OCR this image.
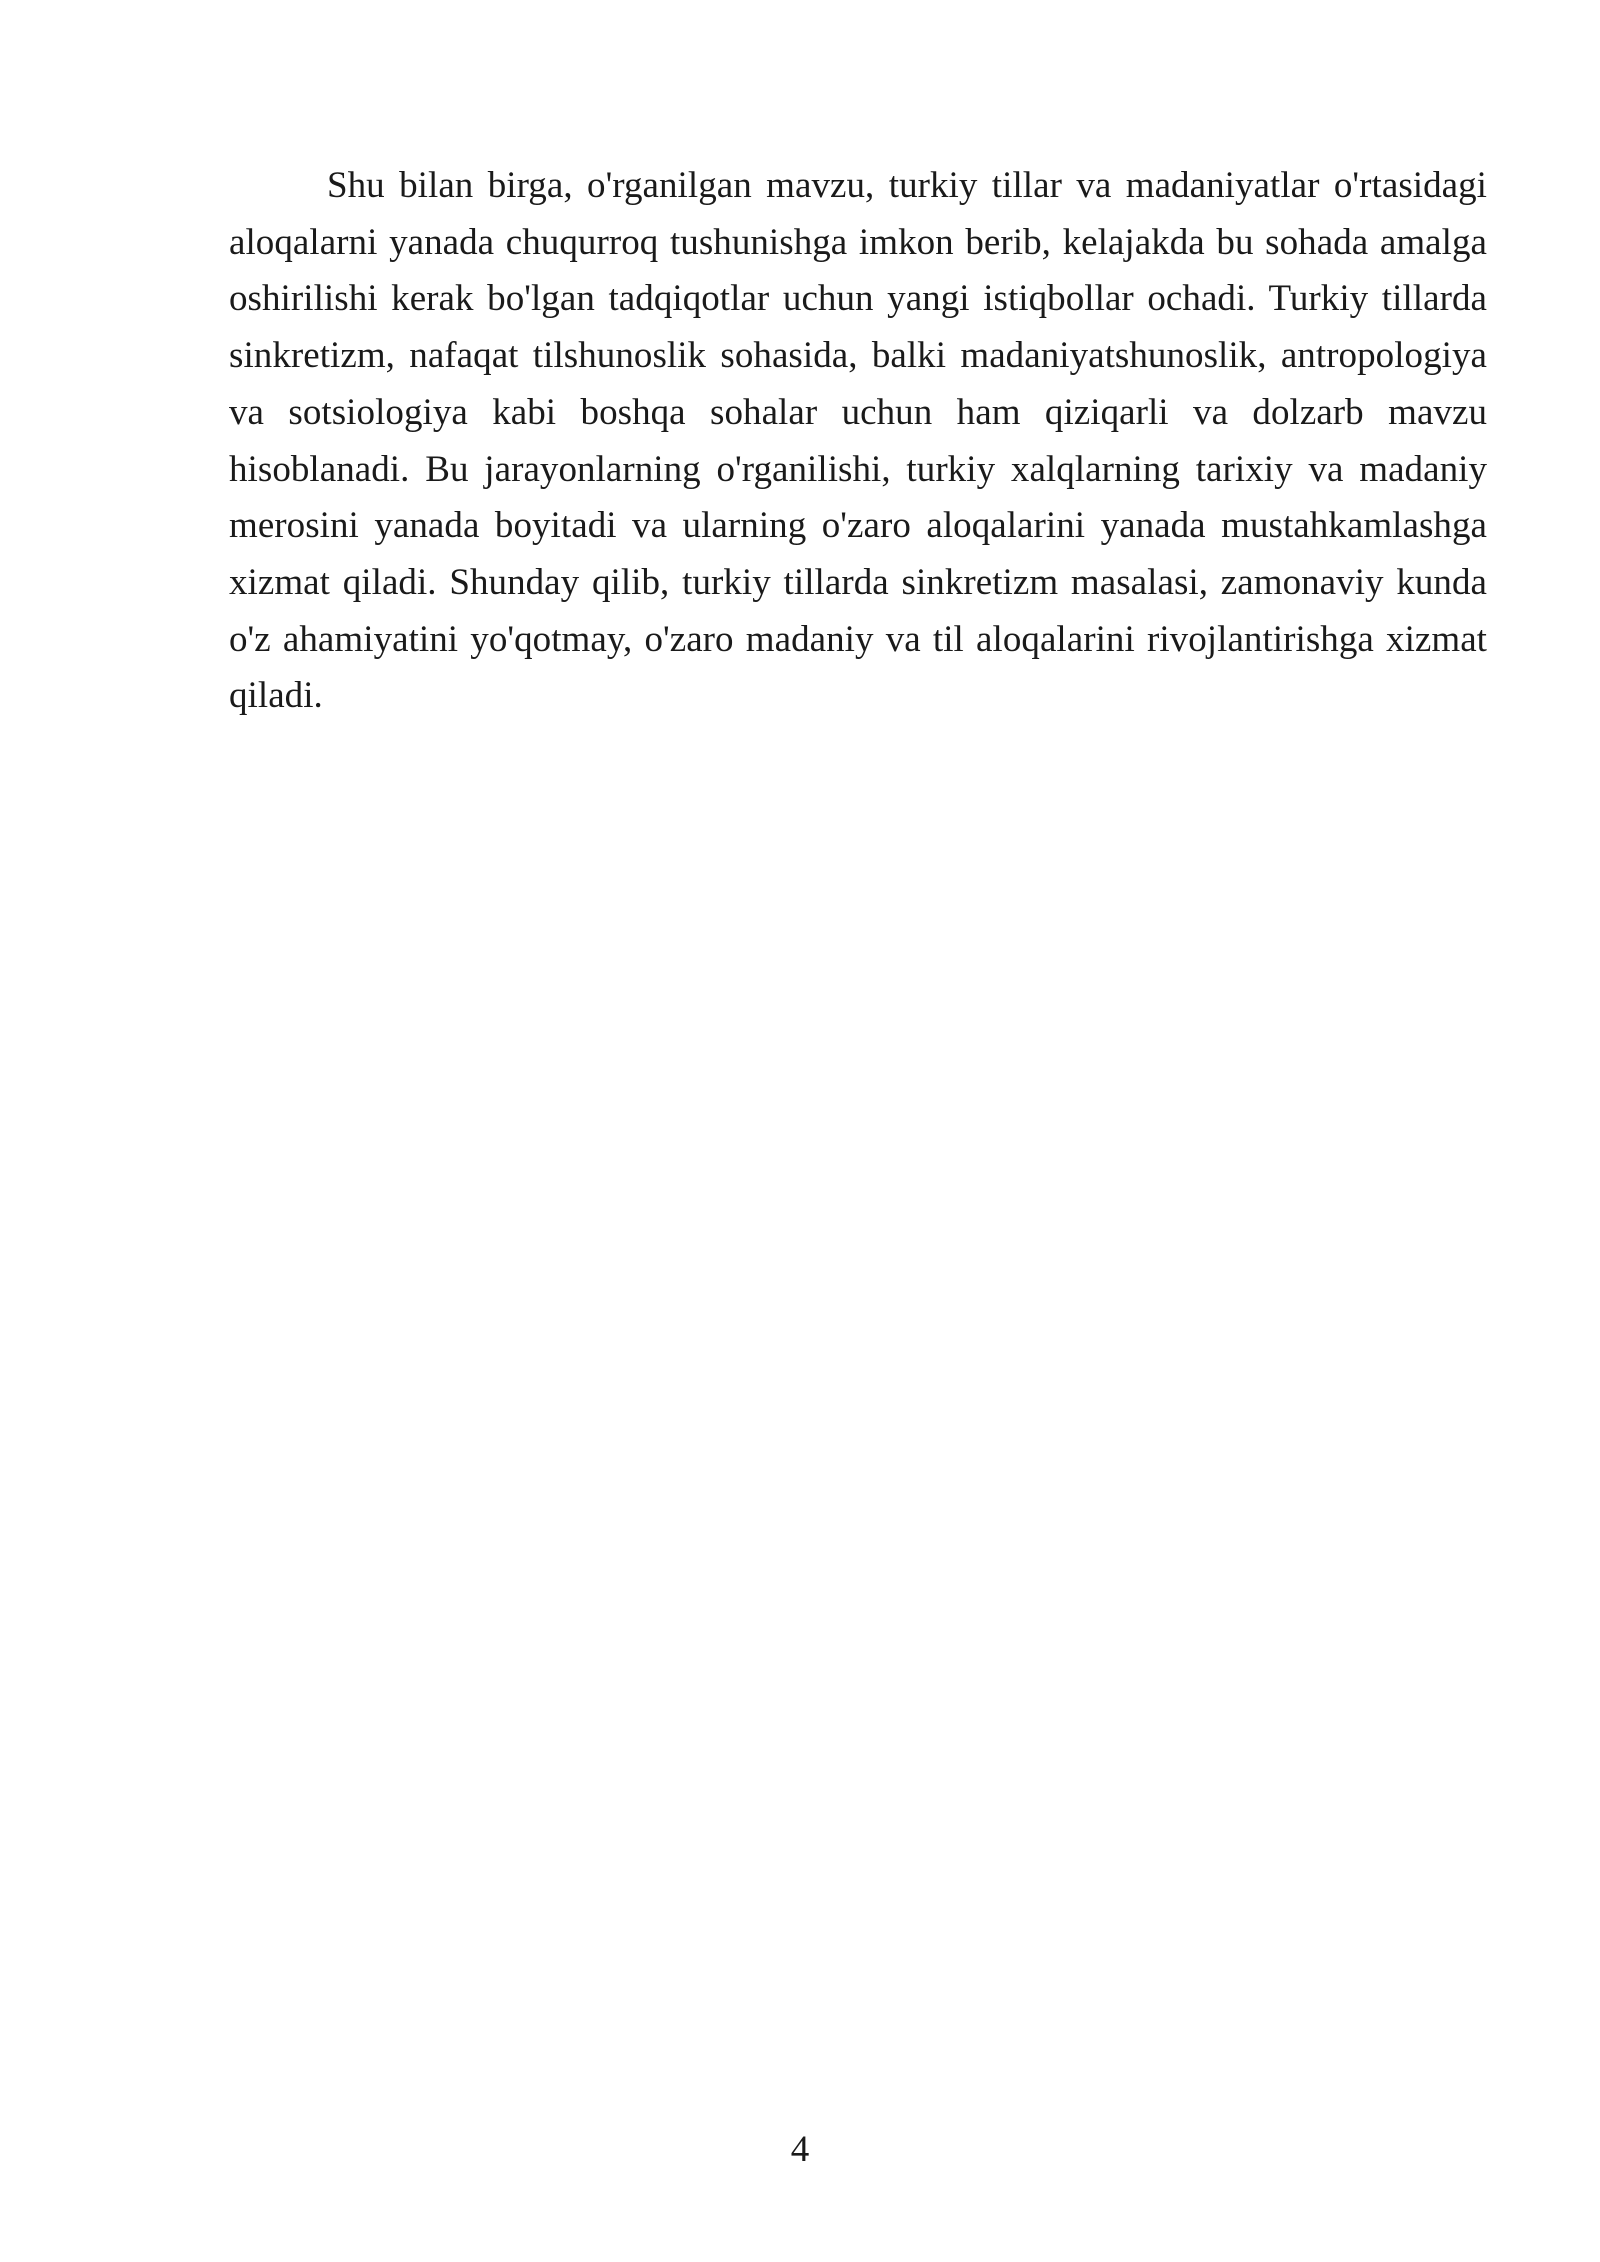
Shu bilan birga, o'rganilgan mavzu, turkiy tillar va madaniyatlar o'rtasidagi aloqalarni yanada chuqurroq tushunishga imkon berib, kelajakda bu sohada amalga oshirilishi kerak bo'lgan tadqiqotlar uchun yangi istiqbollar ochadi. Turkiy tillarda sinkretizm, nafaqat tilshunoslik sohasida, balki madaniyatshunoslik, antropologiya va sotsiologiya kabi boshqa sohalar uchun ham qiziqarli va dolzarb mavzu hisoblanadi. Bu jarayonlarning o'rganilishi, turkiy xalqlarning tarixiy va madaniy merosini yanada boyitadi va ularning o'zaro aloqalarini yanada mustahkamlashga xizmat qiladi. Shunday qilib, turkiy tillarda sinkretizm masalasi, zamonaviy kunda o'z ahamiyatini yo'qotmay, o'zaro madaniy va til aloqalarini rivojlantirishga xizmat qiladi.

4
